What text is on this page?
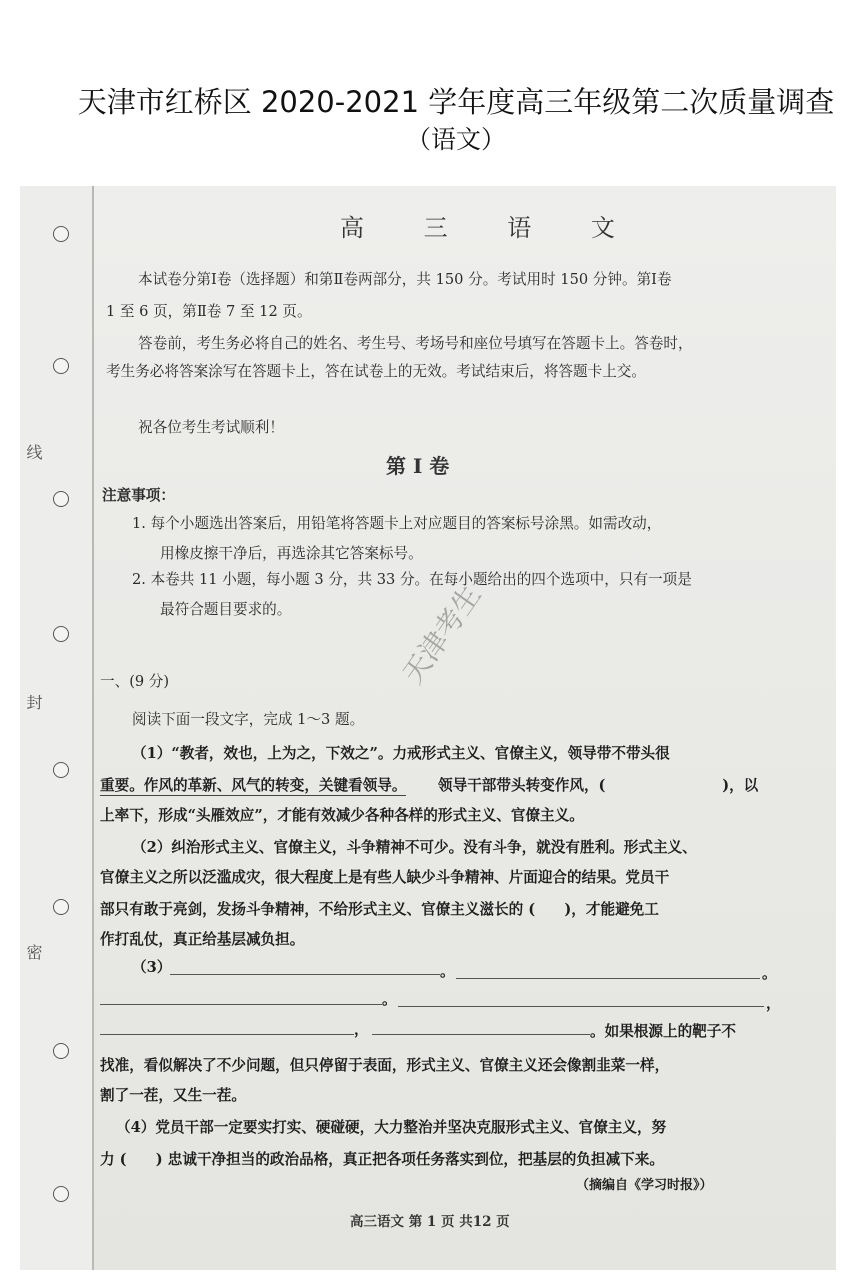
天津市红桥区 2020-2021 学年度高三年级第二次质量调查
（语文）
线
封
密
高 三 语 文
本试卷分第Ⅰ卷（选择题）和第Ⅱ卷两部分，共 150 分。考试用时 150 分钟。第Ⅰ卷
1 至 6 页，第Ⅱ卷 7 至 12 页。
答卷前，考生务必将自己的姓名、考生号、考场号和座位号填写在答题卡上。答卷时，
考生务必将答案涂写在答题卡上，答在试卷上的无效。考试结束后，将答题卡上交。
祝各位考生考试顺利！
第 Ⅰ 卷
注意事项：
1. 每个小题选出答案后，用铅笔将答题卡上对应题目的答案标号涂黑。如需改动，
用橡皮擦干净后，再选涂其它答案标号。
2. 本卷共 11 小题，每小题 3 分，共 33 分。在每小题给出的四个选项中，只有一项是
最符合题目要求的。
一、(9 分)
阅读下面一段文字，完成 1～3 题。
（1）“教者，效也，上为之，下效之”。力戒形式主义、官僚主义，领导带不带头很
重要。作风的革新、风气的转变，关键看领导。 领导干部带头转变作风，(　　　　　　　　)，以
上率下，形成“头雁效应”，才能有效减少各种各样的形式主义、官僚主义。
（2）纠治形式主义、官僚主义，斗争精神不可少。没有斗争，就没有胜利。形式主义、
官僚主义之所以泛滥成灾，很大程度上是有些人缺少斗争精神、片面迎合的结果。党员干
部只有敢于亮剑，发扬斗争精神，不给形式主义、官僚主义滋长的 (　　)，才能避免工
作打乱仗，真正给基层减负担。
（3）	。	。
。	，
，	。如果根源上的靶子不
找准，看似解决了不少问题，但只停留于表面，形式主义、官僚主义还会像割韭菜一样，
割了一茬，又生一茬。
（4）党员干部一定要实打实、硬碰硬，大力整治并坚决克服形式主义、官僚主义，努
力 (　　) 忠诚干净担当的政治品格，真正把各项任务落实到位，把基层的负担减下来。
（摘编自《学习时报》）
高三语文 第 1 页 共12 页
天津考生
